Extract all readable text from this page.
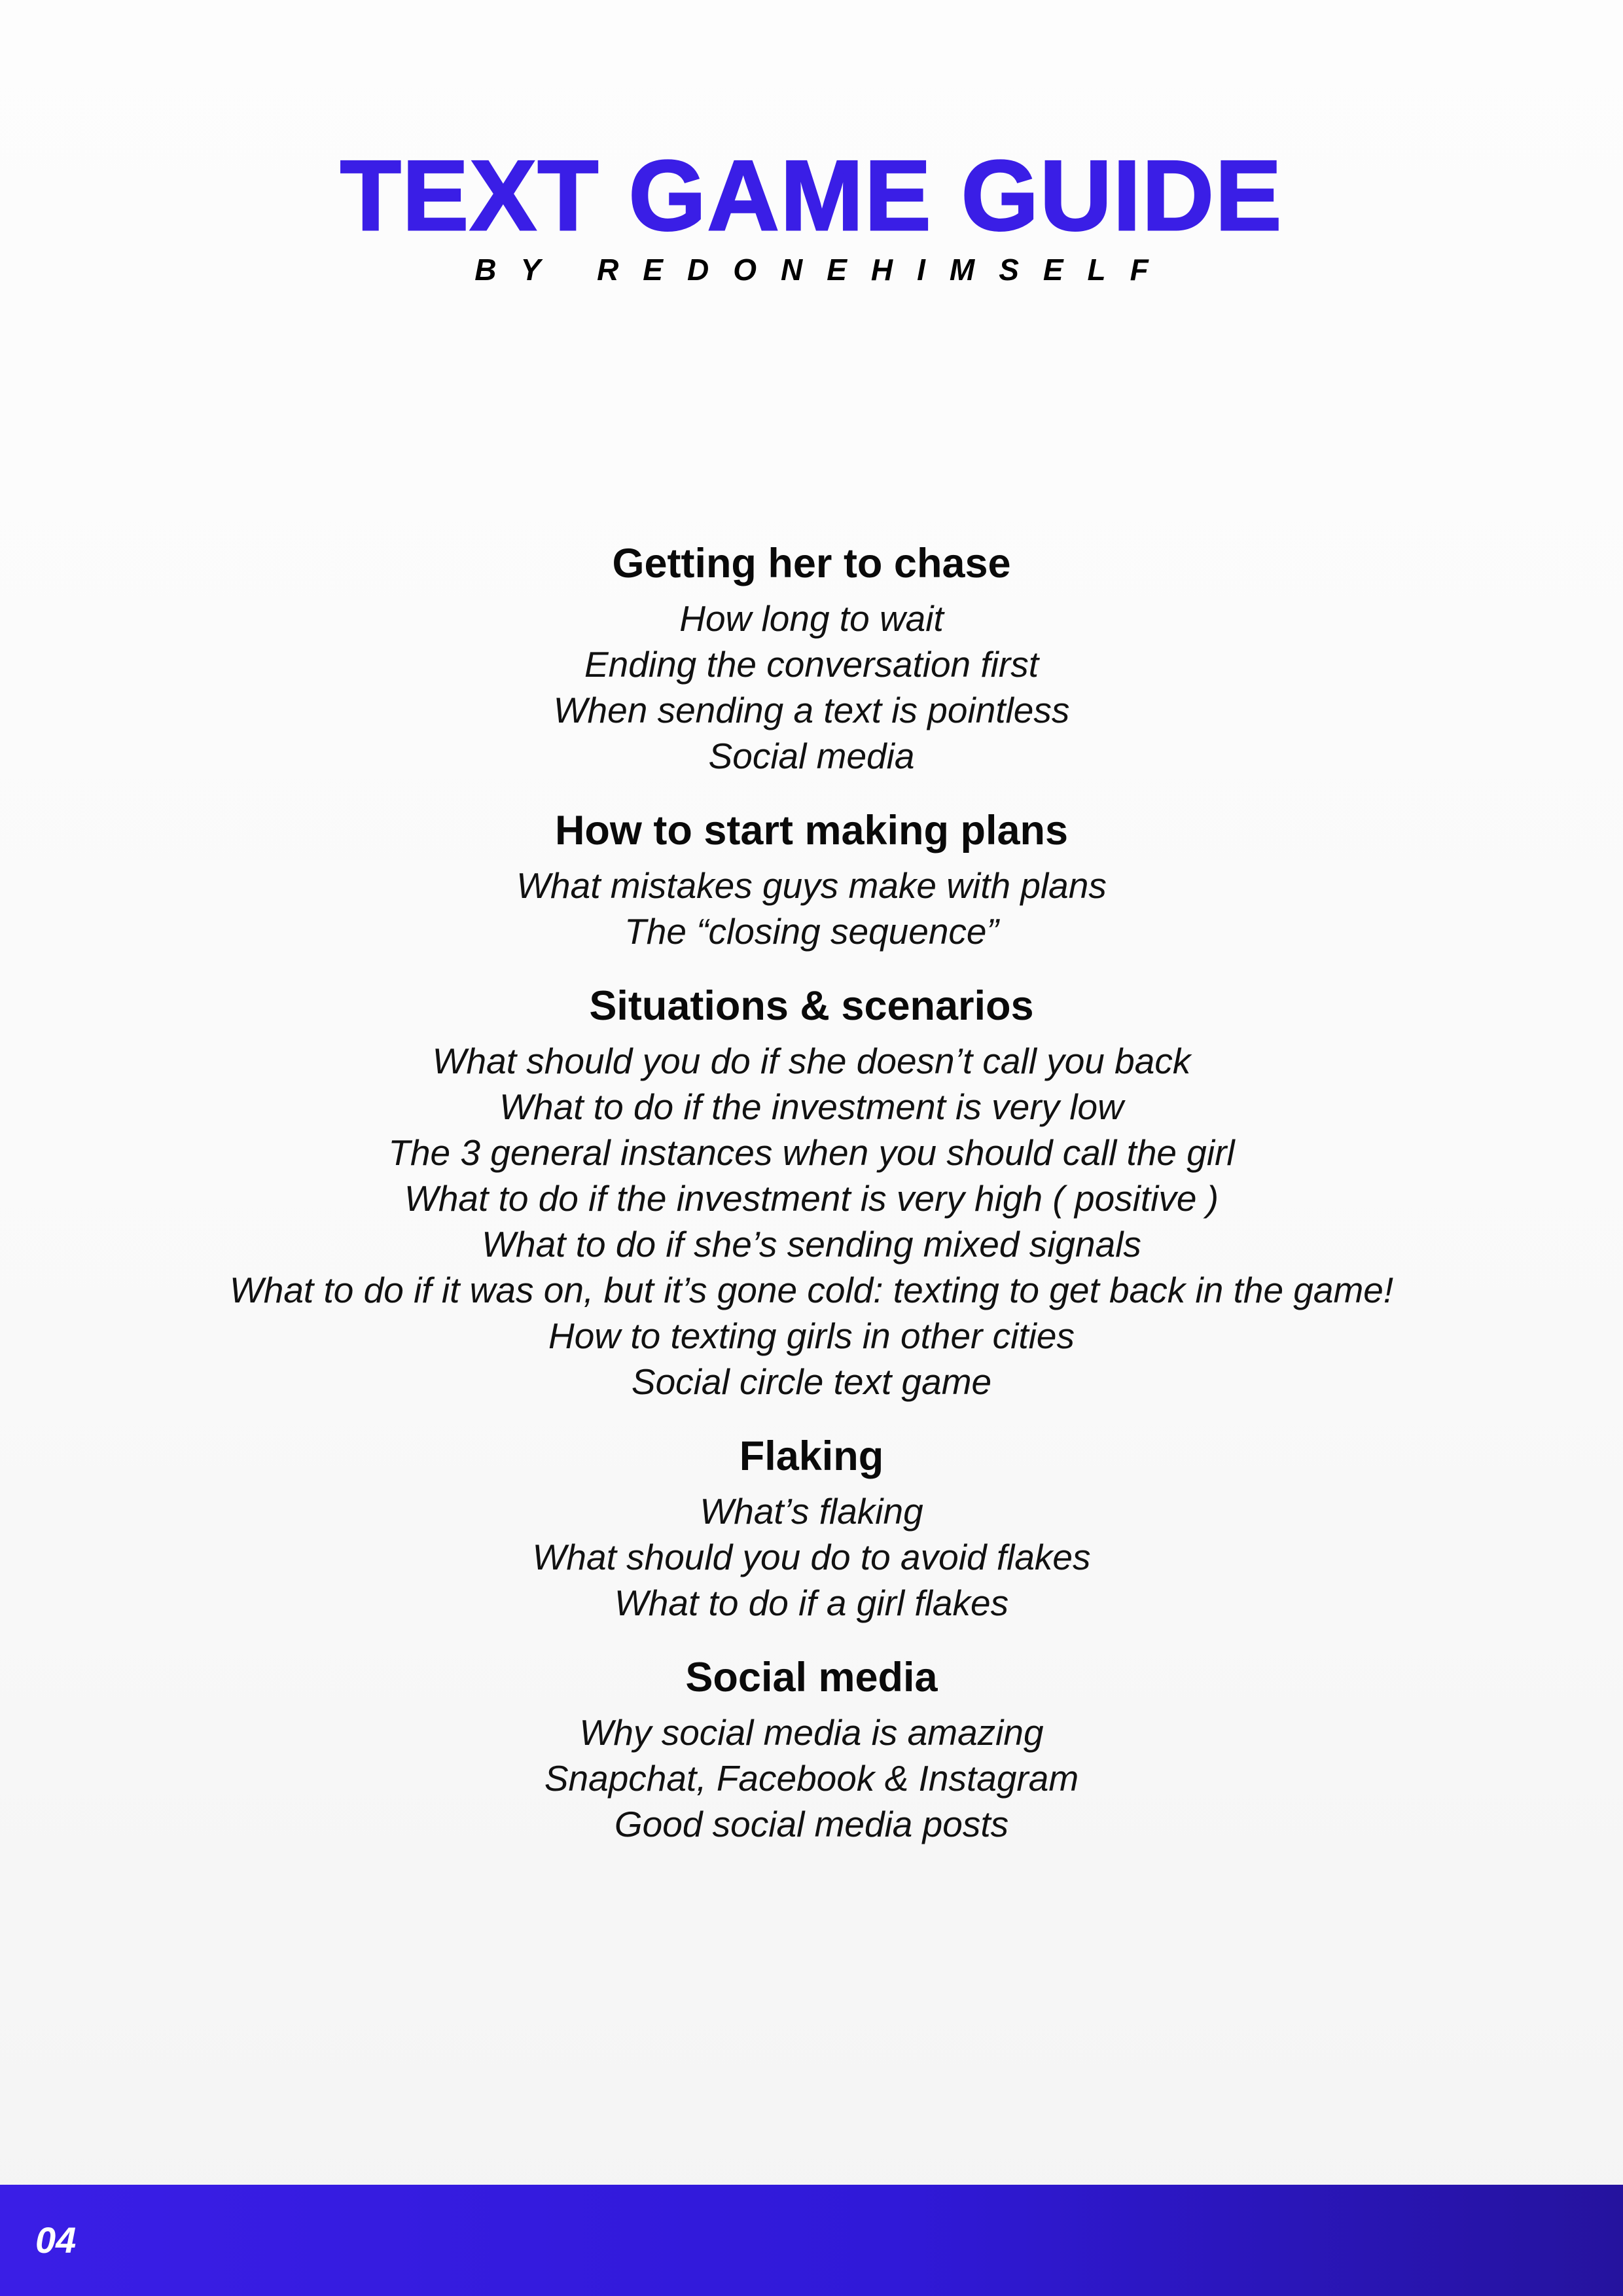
TEXT GAME GUIDE
BY REDONEHIMSELF
Getting her to chase
How long to wait
Ending the conversation first
When sending a text is pointless
Social media
How to start making plans
What mistakes guys make with plans
The “closing sequence”
Situations & scenarios
What should you do if she doesn’t call you back
What to do if the investment is very low
The 3 general instances when you should call the girl
What to do if the investment is very high ( positive )
What to do if she’s sending mixed signals
What to do if it was on, but it’s gone cold: texting to get back in the game!
How to texting girls in other cities
Social circle text game
Flaking
What’s flaking
What should you do to avoid flakes
What to do if a girl flakes
Social media
Why social media is amazing
Snapchat, Facebook & Instagram
Good social media posts
04
